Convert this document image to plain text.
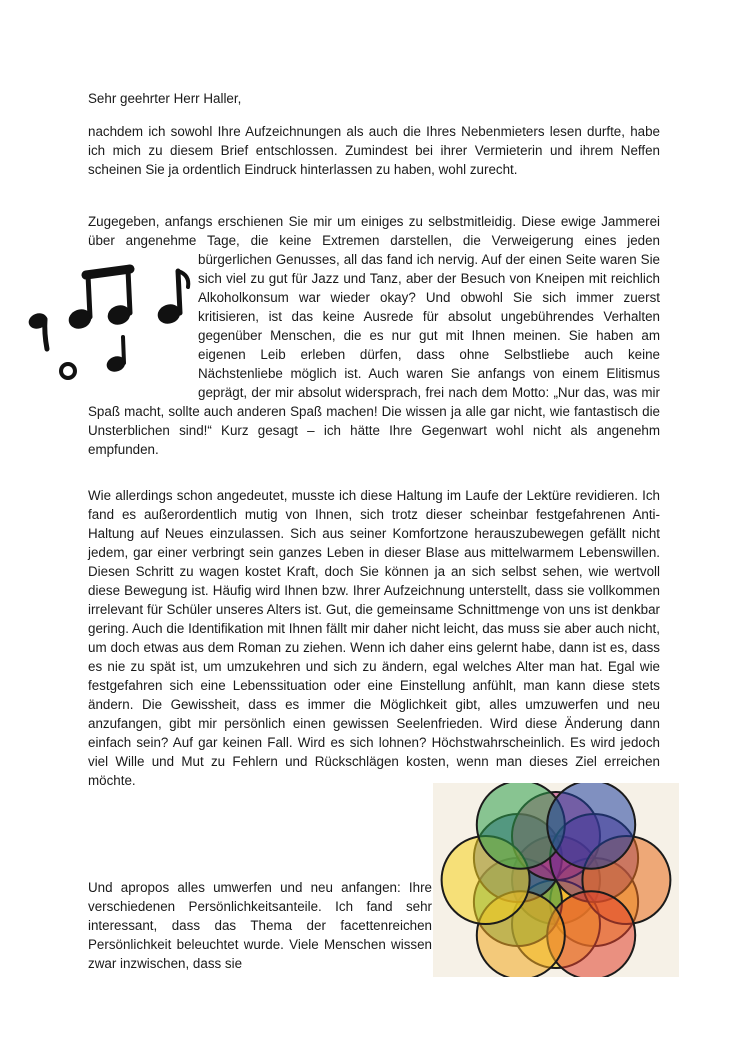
Sehr geehrter Herr Haller,

nachdem ich sowohl Ihre Aufzeichnungen als auch die Ihres Nebenmieters lesen durfte, habe ich mich zu diesem Brief entschlossen. Zumindest bei ihrer Vermieterin und ihrem Neffen scheinen Sie ja ordentlich Eindruck hinterlassen zu haben, wohl zurecht.

Zugegeben, anfangs erschienen Sie mir um einiges zu selbstmitleidig. Diese ewige Jammerei über angenehme Tage, die keine Extremen darstellen, die Verweigerung eines jeden
bürgerlichen Genusses, all das fand ich nervig. Auf der einen Seite waren Sie sich viel zu gut für Jazz und Tanz, aber der Besuch von Kneipen mit reichlich Alkoholkonsum war wieder okay? Und obwohl Sie sich immer zuerst kritisieren, ist das keine Ausrede für absolut ungebührendes Verhalten gegenüber Menschen, die es nur gut mit Ihnen meinen. Sie haben am eigenen Leib erleben dürfen, dass ohne Selbstliebe auch keine Nächstenliebe möglich ist. Auch waren Sie anfangs von einem Elitismus geprägt, der mir absolut widersprach, frei nach dem Motto: „Nur das, was mir
Spaß macht, sollte auch anderen Spaß machen! Die wissen ja alle gar nicht, wie fantastisch die Unsterblichen sind!“ Kurz gesagt – ich hätte Ihre Gegenwart wohl nicht als angenehm empfunden.

Wie allerdings schon angedeutet, musste ich diese Haltung im Laufe der Lektüre revidieren. Ich fand es außerordentlich mutig von Ihnen, sich trotz dieser scheinbar festgefahrenen Anti-Haltung auf Neues einzulassen. Sich aus seiner Komfortzone herauszubewegen gefällt nicht jedem, gar einer verbringt sein ganzes Leben in dieser Blase aus mittelwarmem Lebenswillen. Diesen Schritt zu wagen kostet Kraft, doch Sie können ja an sich selbst sehen, wie wertvoll diese Bewegung ist. Häufig wird Ihnen bzw. Ihrer Aufzeichnung unterstellt, dass sie vollkommen irrelevant für Schüler unseres Alters ist. Gut, die gemeinsame Schnittmenge von uns ist denkbar gering. Auch die Identifikation mit Ihnen fällt mir daher nicht leicht, das muss sie aber auch nicht, um doch etwas aus dem Roman zu ziehen. Wenn ich daher eins gelernt habe, dann ist es, dass es nie zu spät ist, um umzukehren und sich zu ändern, egal welches Alter man hat. Egal wie festgefahren sich eine Lebenssituation oder eine Einstellung anfühlt, man kann diese stets ändern. Die Gewissheit, dass es immer die Möglichkeit gibt, alles umzuwerfen und neu anzufangen, gibt mir persönlich einen gewissen Seelenfrieden. Wird diese Änderung dann einfach sein? Auf gar keinen Fall. Wird es sich lohnen? Höchstwahrscheinlich. Es wird jedoch viel Wille und Mut zu Fehlern und Rückschlägen kosten, wenn man dieses Ziel erreichen möchte.

Und apropos alles umwerfen und neu anfangen: Ihre verschiedenen Persönlichkeitsanteile. Ich fand sehr interessant, dass das Thema der facettenreichen Persönlichkeit beleuchtet wurde. Viele Menschen wissen zwar inzwischen, dass sie
